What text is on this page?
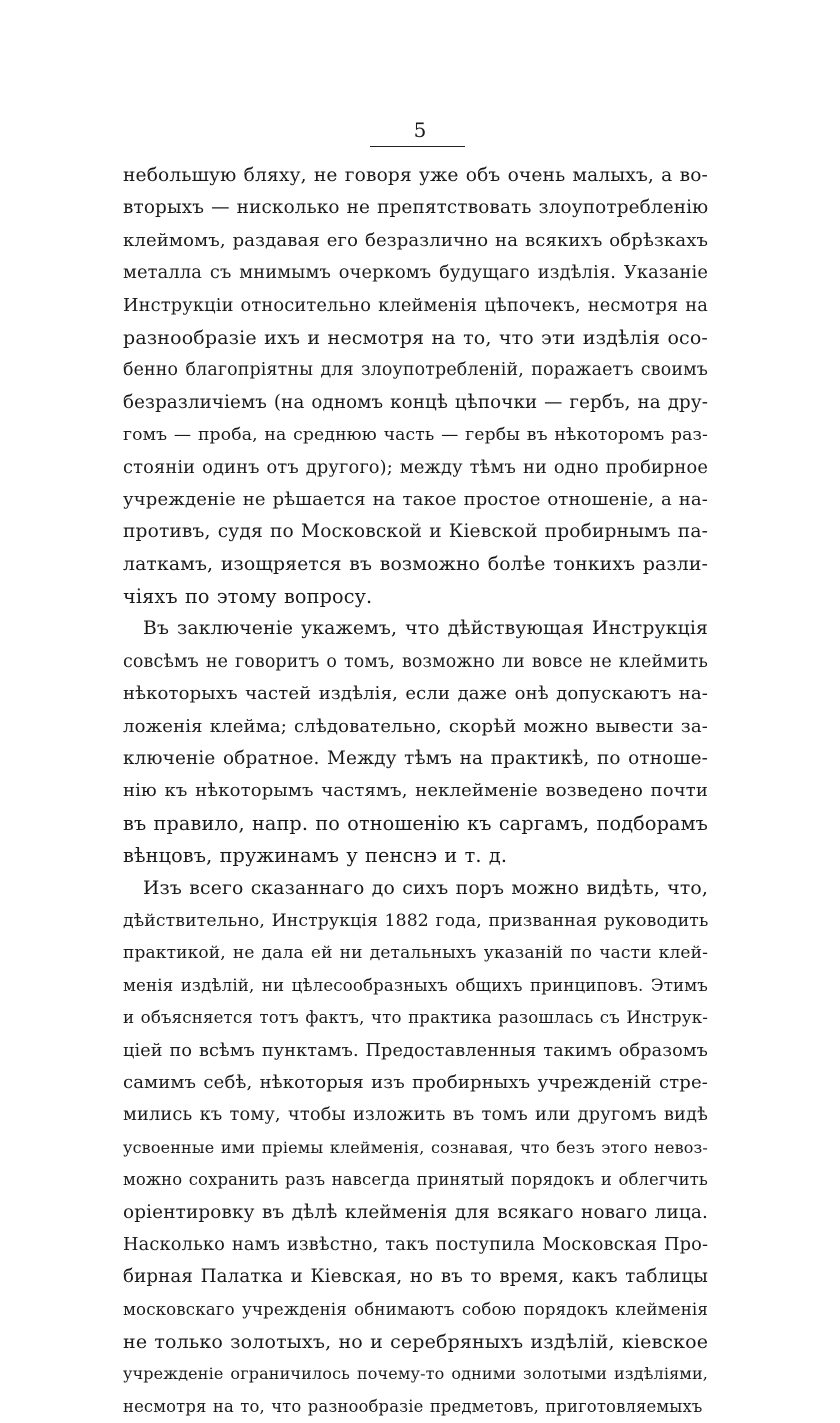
5
небольшую бляху, не говоря уже объ очень малыхъ, а во-
вторыхъ — нисколько не препятствовать злоупотребленію
клеймомъ, раздавая его безразлично на всякихъ обрѣзкахъ
металла съ мнимымъ очеркомъ будущаго издѣлія. Указаніе
Инструкціи относительно клейменія цѣпочекъ, несмотря на
разнообразіе ихъ и несмотря на то, что эти издѣлія осо-
бенно благопріятны для злоупотребленій, поражаетъ своимъ
безразличіемъ (на одномъ концѣ цѣпочки — гербъ, на дру-
гомъ — проба, на среднюю часть — гербы въ нѣкоторомъ раз-
стояніи одинъ отъ другого); между тѣмъ ни одно пробирное
учрежденіе не рѣшается на такое простое отношеніе, а на-
противъ, судя по Московской и Кіевской пробирнымъ па-
латкамъ, изощряется въ возможно болѣе тонкихъ разли-
чіяхъ по этому вопросу.
Въ заключеніе укажемъ, что дѣйствующая Инструкція
совсѣмъ не говоритъ о томъ, возможно ли вовсе не клеймить
нѣкоторыхъ частей издѣлія, если даже онѣ допускаютъ на-
ложенія клейма; слѣдовательно, скорѣй можно вывести за-
ключеніе обратное. Между тѣмъ на практикѣ, по отноше-
нію къ нѣкоторымъ частямъ, неклейменіе возведено почти
въ правило, напр. по отношенію къ саргамъ, подборамъ
вѣнцовъ, пружинамъ у пенснэ и т. д.
Изъ всего сказаннаго до сихъ поръ можно видѣть, что,
дѣйствительно, Инструкція 1882 года, призванная руководить
практикой, не дала ей ни детальныхъ указаній по части клей-
менія издѣлій, ни цѣлесообразныхъ общихъ принциповъ. Этимъ
и объясняется тотъ фактъ, что практика разошлась съ Инструк-
ціей по всѣмъ пунктамъ. Предоставленныя такимъ образомъ
самимъ себѣ, нѣкоторыя изъ пробирныхъ учрежденій стре-
мились къ тому, чтобы изложить въ томъ или другомъ видѣ
усвоенные ими пріемы клейменія, сознавая, что безъ этого невоз-
можно сохранить разъ навсегда принятый порядокъ и облегчить
оріентировку въ дѣлѣ клейменія для всякаго новаго лица.
Насколько намъ извѣстно, такъ поступила Московская Про-
бирная Палатка и Кіевская, но въ то время, какъ таблицы
московскаго учрежденія обнимаютъ собою порядокъ клейменія
не только золотыхъ, но и серебряныхъ издѣлій, кіевское
учрежденіе ограничилось почему-то одними золотыми издѣліями,
несмотря на то, что разнообразіе предметовъ, приготовляемыхъ
